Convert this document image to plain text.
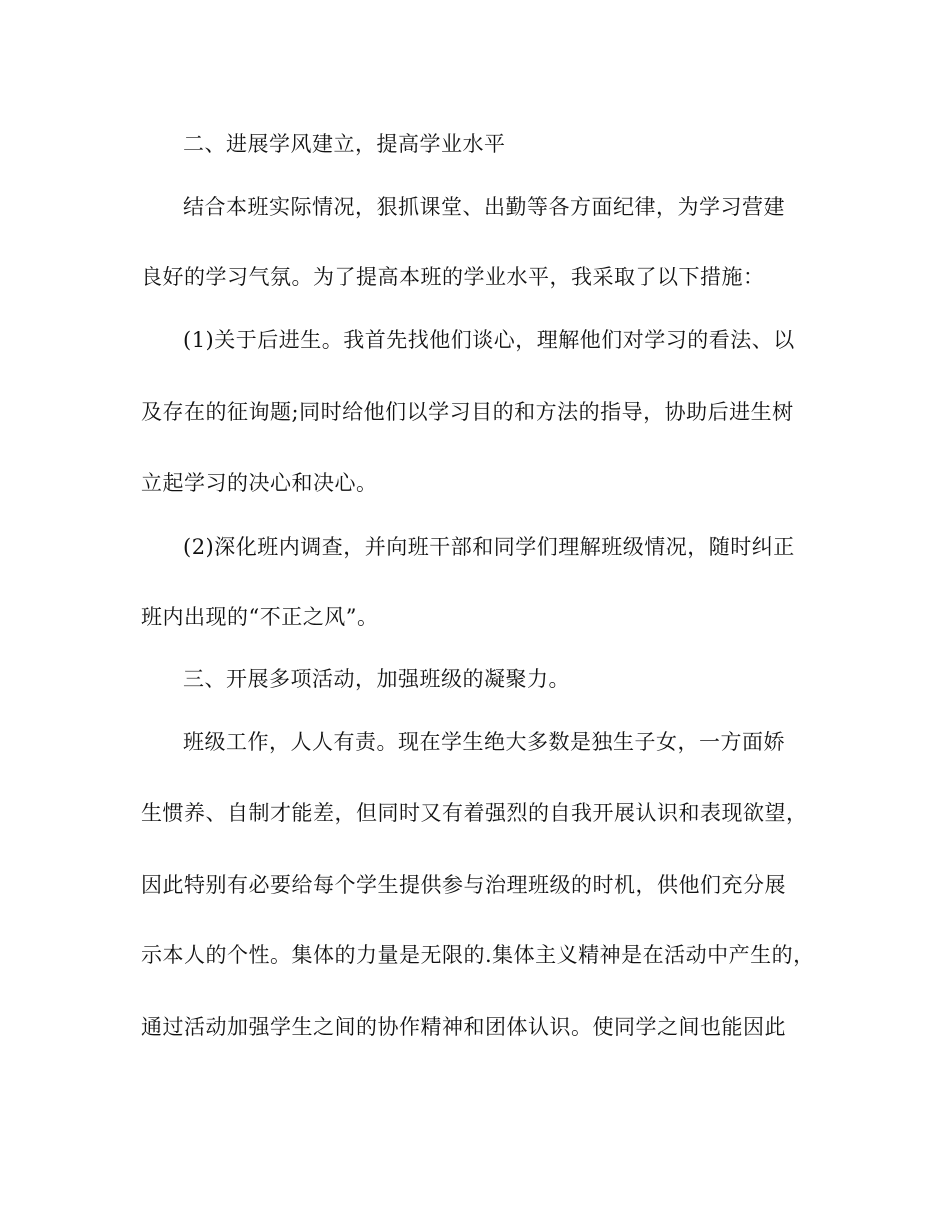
二、进展学风建立，提高学业水平
结合本班实际情况，狠抓课堂、出勤等各方面纪律，为学习营建
良好的学习气氛。为了提高本班的学业水平，我采取了以下措施：
(1)关于后进生。我首先找他们谈心，理解他们对学习的看法、以
及存在的征询题;同时给他们以学习目的和方法的指导，协助后进生树
立起学习的决心和决心。
(2)深化班内调查，并向班干部和同学们理解班级情况，随时纠正
班内出现的“不正之风”。
三、开展多项活动，加强班级的凝聚力。
班级工作，人人有责。现在学生绝大多数是独生子女，一方面娇
生惯养、自制才能差，但同时又有着强烈的自我开展认识和表现欲望，
因此特别有必要给每个学生提供参与治理班级的时机，供他们充分展
示本人的个性。集体的力量是无限的.集体主义精神是在活动中产生的，
通过活动加强学生之间的协作精神和团体认识。使同学之间也能因此
